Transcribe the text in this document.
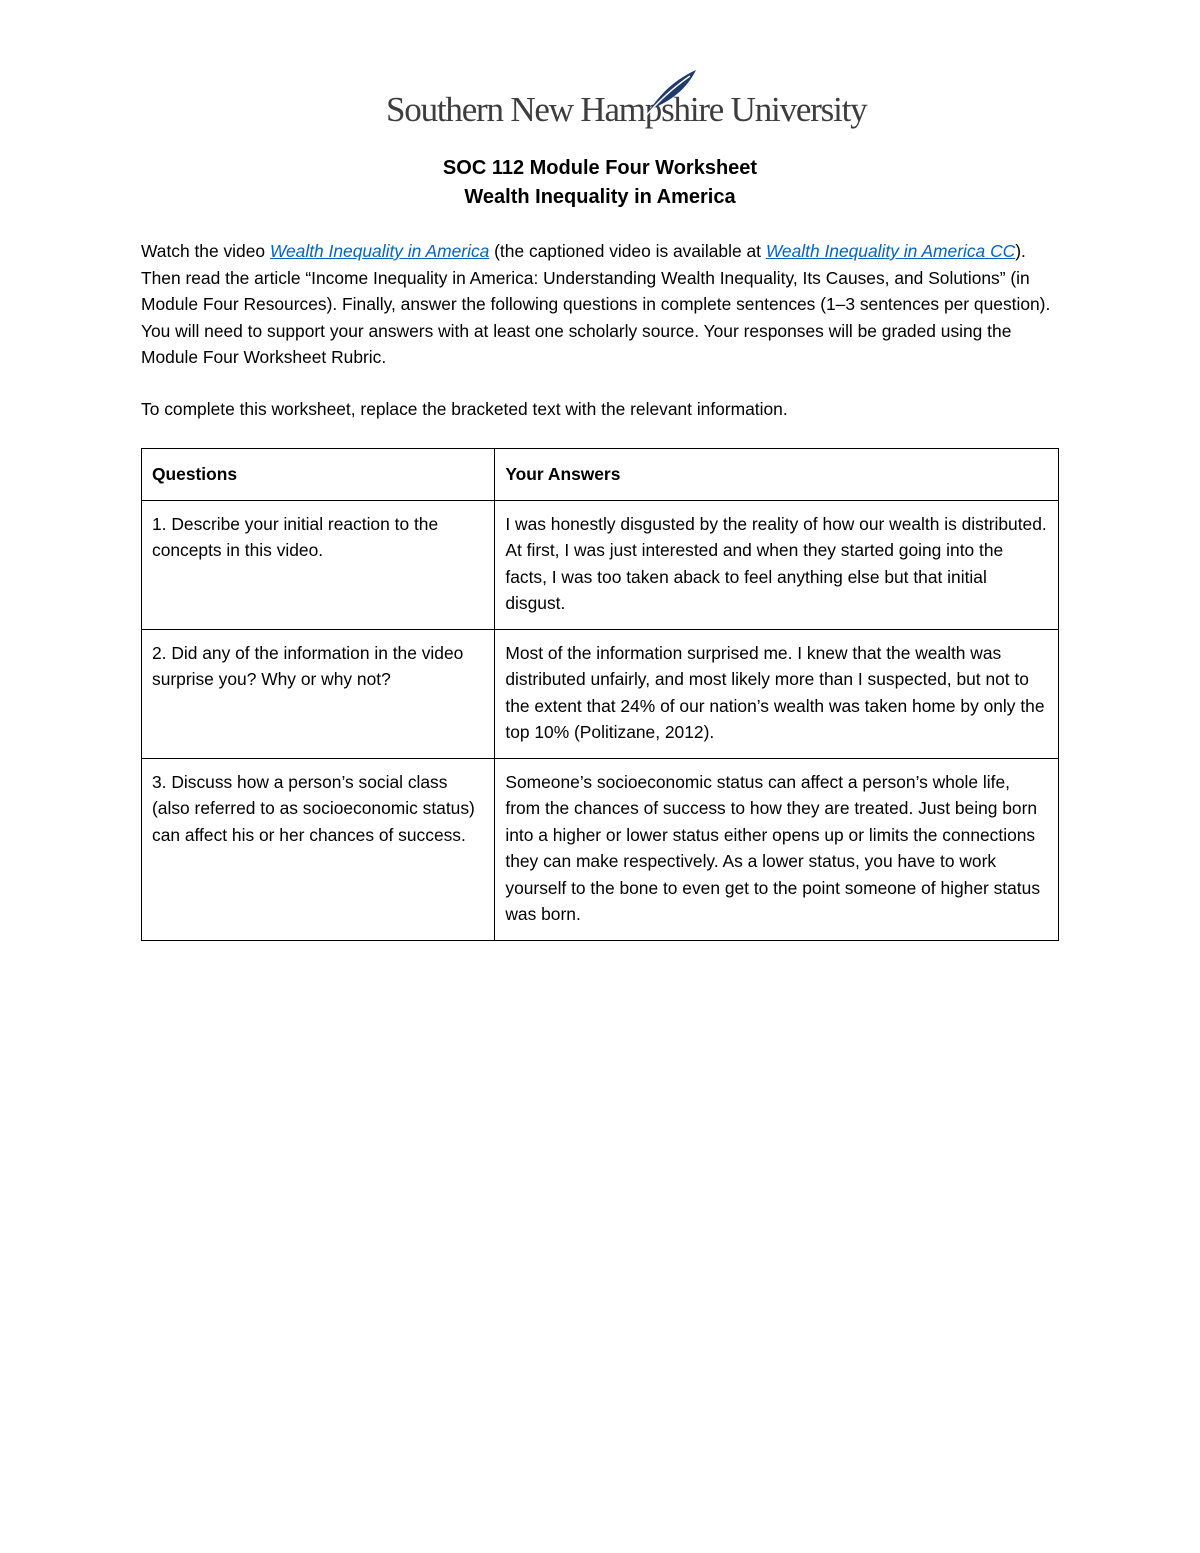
Southern New Hampshire University
SOC 112 Module Four Worksheet
Wealth Inequality in America
Watch the video Wealth Inequality in America (the captioned video is available at Wealth Inequality in America CC). Then read the article “Income Inequality in America: Understanding Wealth Inequality, Its Causes, and Solutions” (in Module Four Resources). Finally, answer the following questions in complete sentences (1–3 sentences per question). You will need to support your answers with at least one scholarly source. Your responses will be graded using the Module Four Worksheet Rubric.
To complete this worksheet, replace the bracketed text with the relevant information.
Questions	Your Answers
1. Describe your initial reaction to the concepts in this video.	I was honestly disgusted by the reality of how our wealth is distributed. At first, I was just interested and when they started going into the facts, I was too taken aback to feel anything else but that initial disgust.
2. Did any of the information in the video surprise you? Why or why not?	Most of the information surprised me. I knew that the wealth was distributed unfairly, and most likely more than I suspected, but not to the extent that 24% of our nation’s wealth was taken home by only the top 10% (Politizane, 2012).
3. Discuss how a person’s social class (also referred to as socioeconomic status) can affect his or her chances of success.	Someone’s socioeconomic status can affect a person’s whole life, from the chances of success to how they are treated. Just being born into a higher or lower status either opens up or limits the connections they can make respectively. As a lower status, you have to work yourself to the bone to even get to the point someone of higher status was born.
